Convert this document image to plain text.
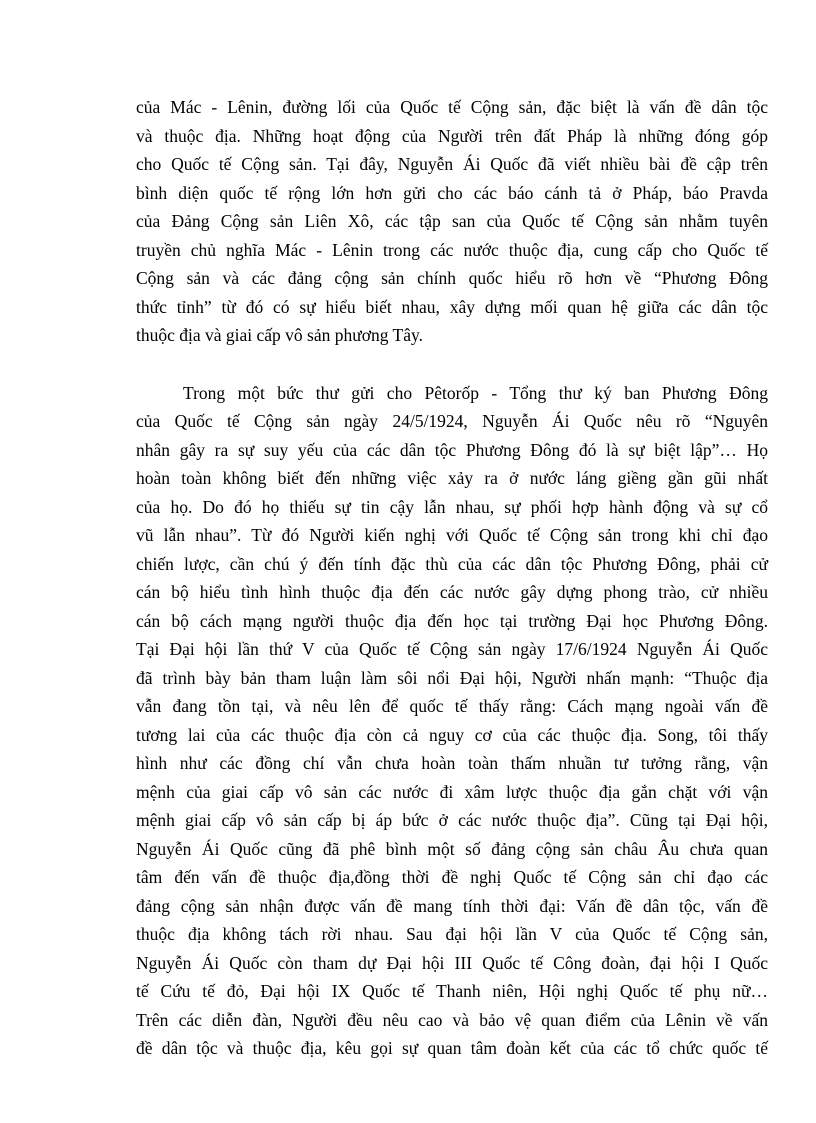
của Mác - Lênin, đường lối của Quốc tế Cộng sản, đặc biệt là vấn đề dân tộc
và thuộc địa. Những hoạt động của Người trên đất Pháp là những đóng góp
cho Quốc tế Cộng sản. Tại đây, Nguyễn Ái Quốc đã viết nhiều bài đề cập trên
bình diện quốc tế rộng lớn hơn gửi cho các báo cánh tả ở Pháp, báo Pravda
của Đảng Cộng sản Liên Xô, các tập san của Quốc tế Cộng sản nhằm tuyên
truyền chủ nghĩa Mác - Lênin trong các nước thuộc địa, cung cấp cho Quốc tế
Cộng sản và các đảng cộng sản chính quốc hiểu rõ hơn về “Phương Đông
thức tỉnh” từ đó có sự hiểu biết nhau, xây dựng mối quan hệ giữa các dân tộc
thuộc địa và giai cấp vô sản phương Tây.
Trong một bức thư gửi cho Pêtorốp - Tổng thư ký ban Phương Đông
của Quốc tế Cộng sản ngày 24/5/1924, Nguyễn Ái Quốc nêu rõ “Nguyên
nhân gây ra sự suy yếu của các dân tộc Phương Đông đó là sự biệt lập”… Họ
hoàn toàn không biết đến những việc xảy ra ở nước láng giềng gần gũi nhất
của họ. Do đó họ thiếu sự tin cậy lẫn nhau, sự phối hợp hành động và sự cổ
vũ lẫn nhau”. Từ đó Người kiến nghị với Quốc tế Cộng sản trong khi chỉ đạo
chiến lược, cần chú ý đến tính đặc thù của các dân tộc Phương Đông, phải cử
cán bộ hiểu tình hình thuộc địa đến các nước gây dựng phong trào, cử nhiều
cán bộ cách mạng người thuộc địa đến học tại trường Đại học Phương Đông.
Tại Đại hội lần thứ V của Quốc tế Cộng sản ngày 17/6/1924 Nguyễn Ái Quốc
đã trình bày bản tham luận làm sôi nổi Đại hội, Người nhấn mạnh: “Thuộc địa
vẫn đang tồn tại, và nêu lên để quốc tế thấy rằng: Cách mạng ngoài vấn đề
tương lai của các thuộc địa còn cả nguy cơ của các thuộc địa. Song, tôi thấy
hình như các đồng chí vẫn chưa hoàn toàn thấm nhuần tư tưởng rằng, vận
mệnh của giai cấp vô sản các nước đi xâm lược thuộc địa gắn chặt với vận
mệnh giai cấp vô sản cấp bị áp bức ở các nước thuộc địa”. Cũng tại Đại hội,
Nguyễn Ái Quốc cũng đã phê bình một số đảng cộng sản châu Âu chưa quan
tâm đến vấn đề thuộc địa,đồng thời đề nghị Quốc tế Cộng sản chỉ đạo các
đảng cộng sản nhận được vấn đề mang tính thời đại: Vấn đề dân tộc, vấn đề
thuộc địa không tách rời nhau. Sau đại hội lần V của Quốc tế Cộng sản,
Nguyễn Ái Quốc còn tham dự Đại hội III Quốc tế Công đoàn, đại hội I Quốc
tế Cứu tế đỏ, Đại hội IX Quốc tế Thanh niên, Hội nghị Quốc tế phụ nữ…
Trên các diễn đàn, Người đều nêu cao và bảo vệ quan điểm của Lênin về vấn
đề dân tộc và thuộc địa, kêu gọi sự quan tâm đoàn kết của các tổ chức quốc tế
